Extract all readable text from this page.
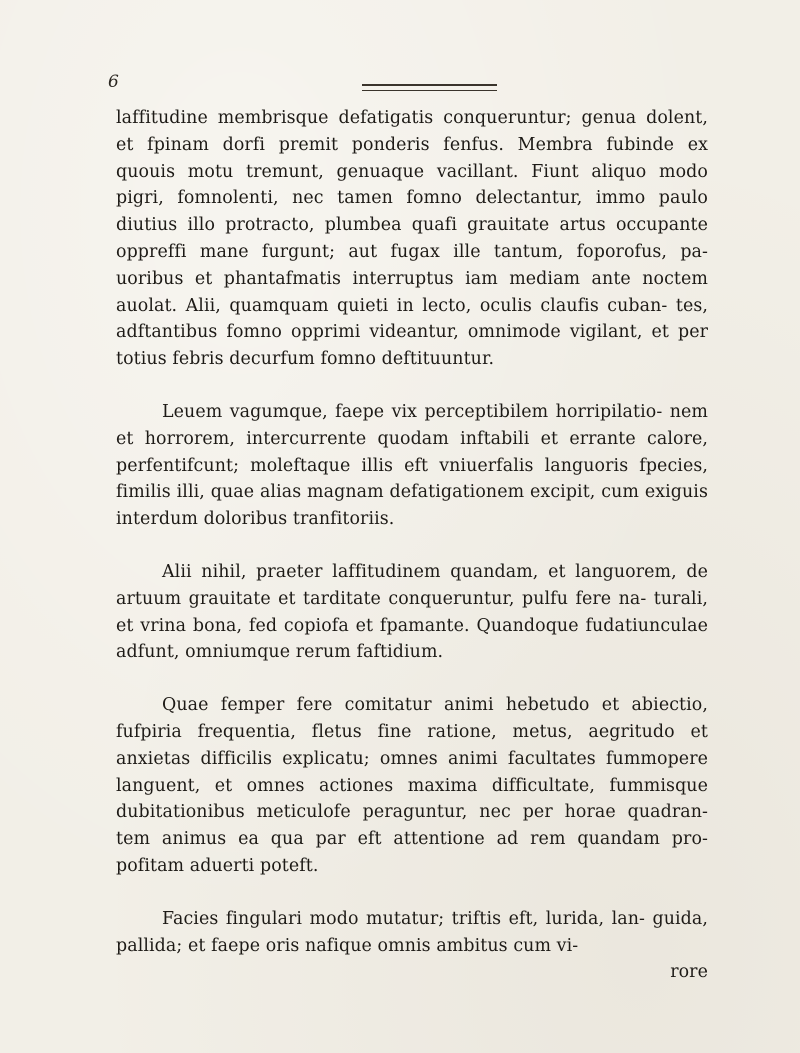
6

laffitudine membrisque defatigatis conqueruntur; genua dolent, et fpinam dorfi premit ponderis fenfus. Membra fubinde ex quouis motu tremunt, genuaque vacillant. Fiunt aliquo modo pigri, fomnolenti, nec tamen fomno delectantur, immo paulo diutius illo protracto, plumbea quafi grauitate artus occupante oppreffi mane furgunt; aut fugax ille tantum, foporofus, pa- uoribus et phantafmatis interruptus iam mediam ante noctem auolat. Alii, quamquam quieti in lecto, oculis claufis cuban- tes, adftantibus fomno opprimi videantur, omnimode vigilant, et per totius febris decurfum fomno deftituuntur.

Leuem vagumque, faepe vix perceptibilem horripilatio- nem et horrorem, intercurrente quodam inftabili et errante calore, perfentifcunt; moleftaque illis eft vniuerfalis languoris fpecies, fimilis illi, quae alias magnam defatigationem excipit, cum exiguis interdum doloribus tranfitoriis.

Alii nihil, praeter laffitudinem quandam, et languorem, de artuum grauitate et tarditate conqueruntur, pulfu fere na- turali, et vrina bona, fed copiofa et fpamante. Quandoque fudatiunculae adfunt, omniumque rerum faftidium.

Quae femper fere comitatur animi hebetudo et abiectio, fufpiria frequentia, fletus fine ratione, metus, aegritudo et anxietas difficilis explicatu; omnes animi facultates fummopere languent, et omnes actiones maxima difficultate, fummisque dubitationibus meticulofe peraguntur, nec per horae quadran- tem animus ea qua par eft attentione ad rem quandam pro- pofitam aduerti poteft.

Facies fingulari modo mutatur; triftis eft, lurida, lan- guida, pallida; et faepe oris nafique omnis ambitus cum vi-

rore
